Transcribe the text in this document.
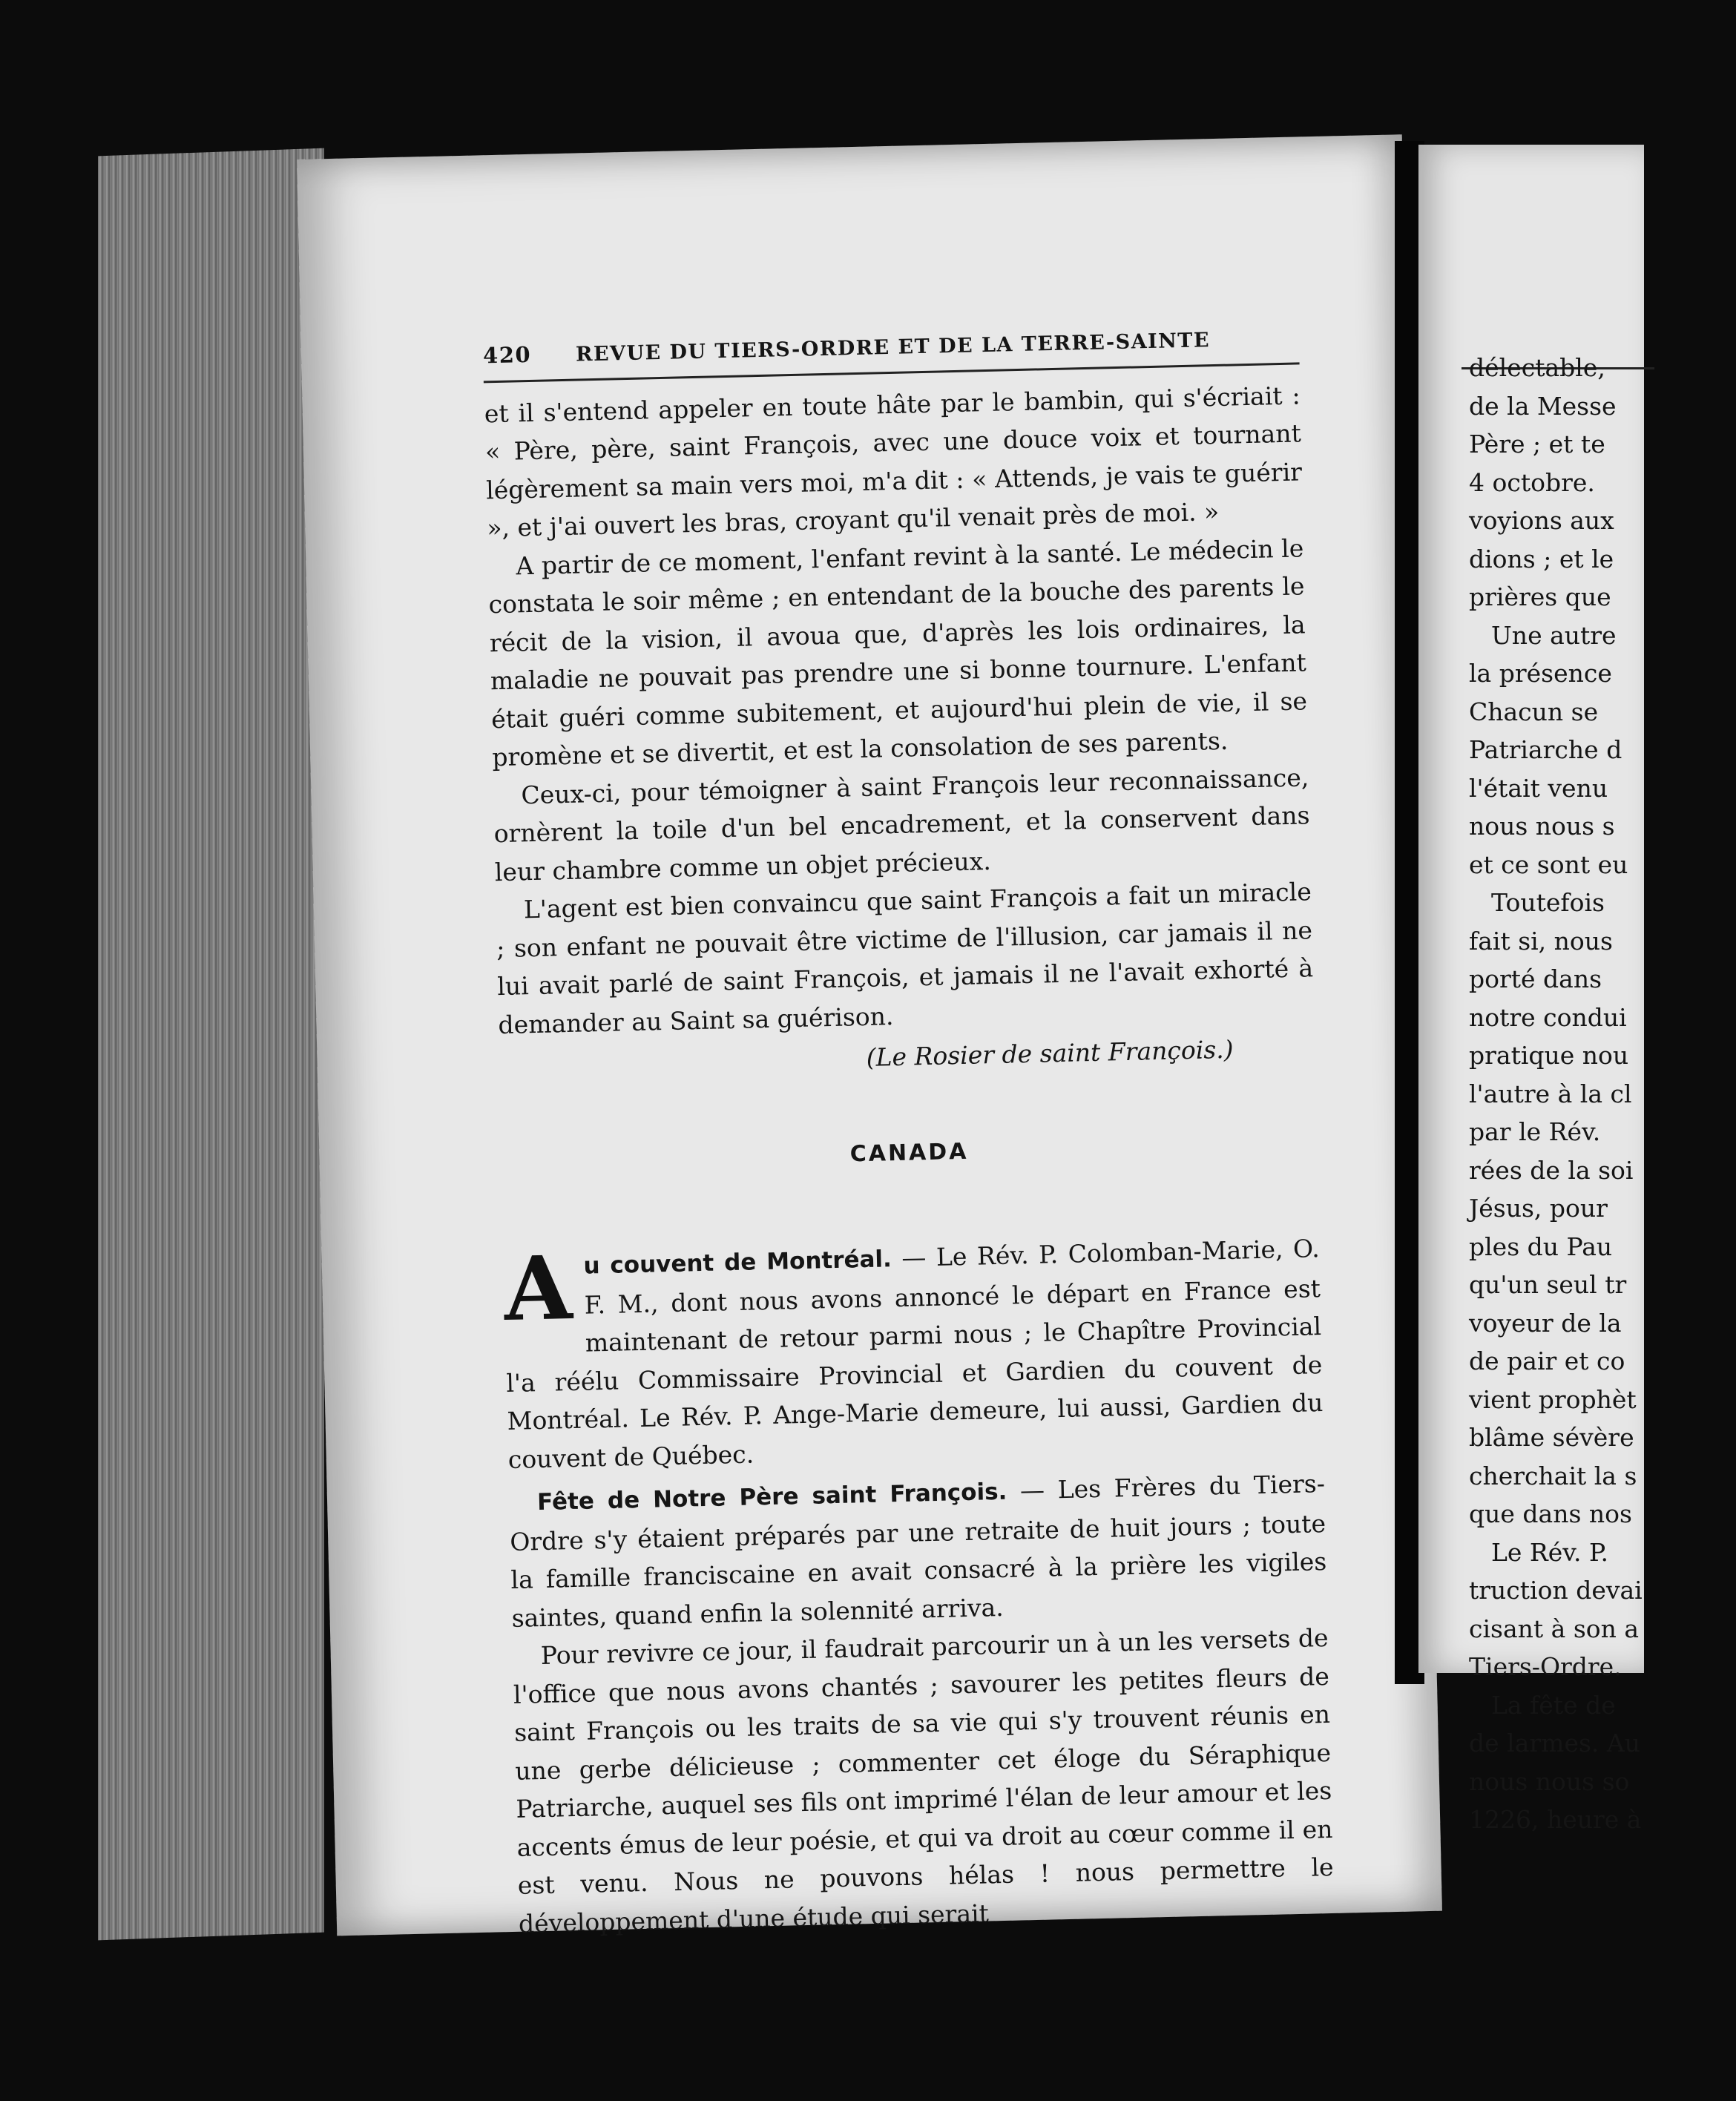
420 REVUE DU TIERS-ORDRE ET DE LA TERRE-SAINTE

et il s'entend appeler en toute hâte par le bambin, qui s'écriait : « Père, père, saint François, avec une douce voix et tournant légèrement sa main vers moi, m'a dit : « Attends, je vais te guérir », et j'ai ouvert les bras, croyant qu'il venait près de moi. »

A partir de ce moment, l'enfant revint à la santé. Le médecin le constata le soir même ; en entendant de la bouche des parents le récit de la vision, il avoua que, d'après les lois ordinaires, la maladie ne pouvait pas prendre une si bonne tournure. L'enfant était guéri comme subitement, et aujourd'hui plein de vie, il se promène et se divertit, et est la consolation de ses parents.

Ceux-ci, pour témoigner à saint François leur reconnaissance, ornèrent la toile d'un bel encadrement, et la conservent dans leur chambre comme un objet précieux.

L'agent est bien convaincu que saint François a fait un miracle ; son enfant ne pouvait être victime de l'illusion, car jamais il ne lui avait parlé de saint François, et jamais il ne l'avait exhorté à demander au Saint sa guérison.

(Le Rosier de saint François.)

CANADA

Au couvent de Montréal. — Le Rév. P. Colomban-Marie, O. F. M., dont nous avons annoncé le départ en France est maintenant de retour parmi nous ; le Chapître Provincial l'a réélu Commissaire Provincial et Gardien du couvent de Montréal. Le Rév. P. Ange-Marie demeure, lui aussi, Gardien du couvent de Québec.

Fête de Notre Père saint François. — Les Frères du Tiers-Ordre s'y étaient préparés par une retraite de huit jours ; toute la famille franciscaine en avait consacré à la prière les vigiles saintes, quand enfin la solennité arriva.

Pour revivre ce jour, il faudrait parcourir un à un les versets de l'office que nous avons chantés ; savourer les petites fleurs de saint François ou les traits de sa vie qui s'y trouvent réunis en une gerbe délicieuse ; commenter cet éloge du Séraphique Patriarche, auquel ses fils ont imprimé l'élan de leur amour et les accents émus de leur poésie, et qui va droit au cœur comme il en est venu. Nous ne pouvons hélas ! nous permettre le développement d'une étude qui serait

délectable,
de la Messe
Père ; et te
4 octobre.
voyions aux
dions ; et le
prières que
Une autre
la présence
Chacun se
Patriarche d
l'était venu
nous nous s
et ce sont eu
Toutefois
fait si, nous
porté dans
notre condui
pratique nou
l'autre à la cl
par le Rév.
rées de la soi
Jésus, pour
ples du Pau
qu'un seul tr
voyeur de la
de pair et co
vient prophèt
blâme sévère
cherchait la s
que dans nos
Le Rév. P.
truction devai
cisant à son a
Tiers-Ordre.
La fête de
de larmes. Au
nous nous so
1226, heure à
